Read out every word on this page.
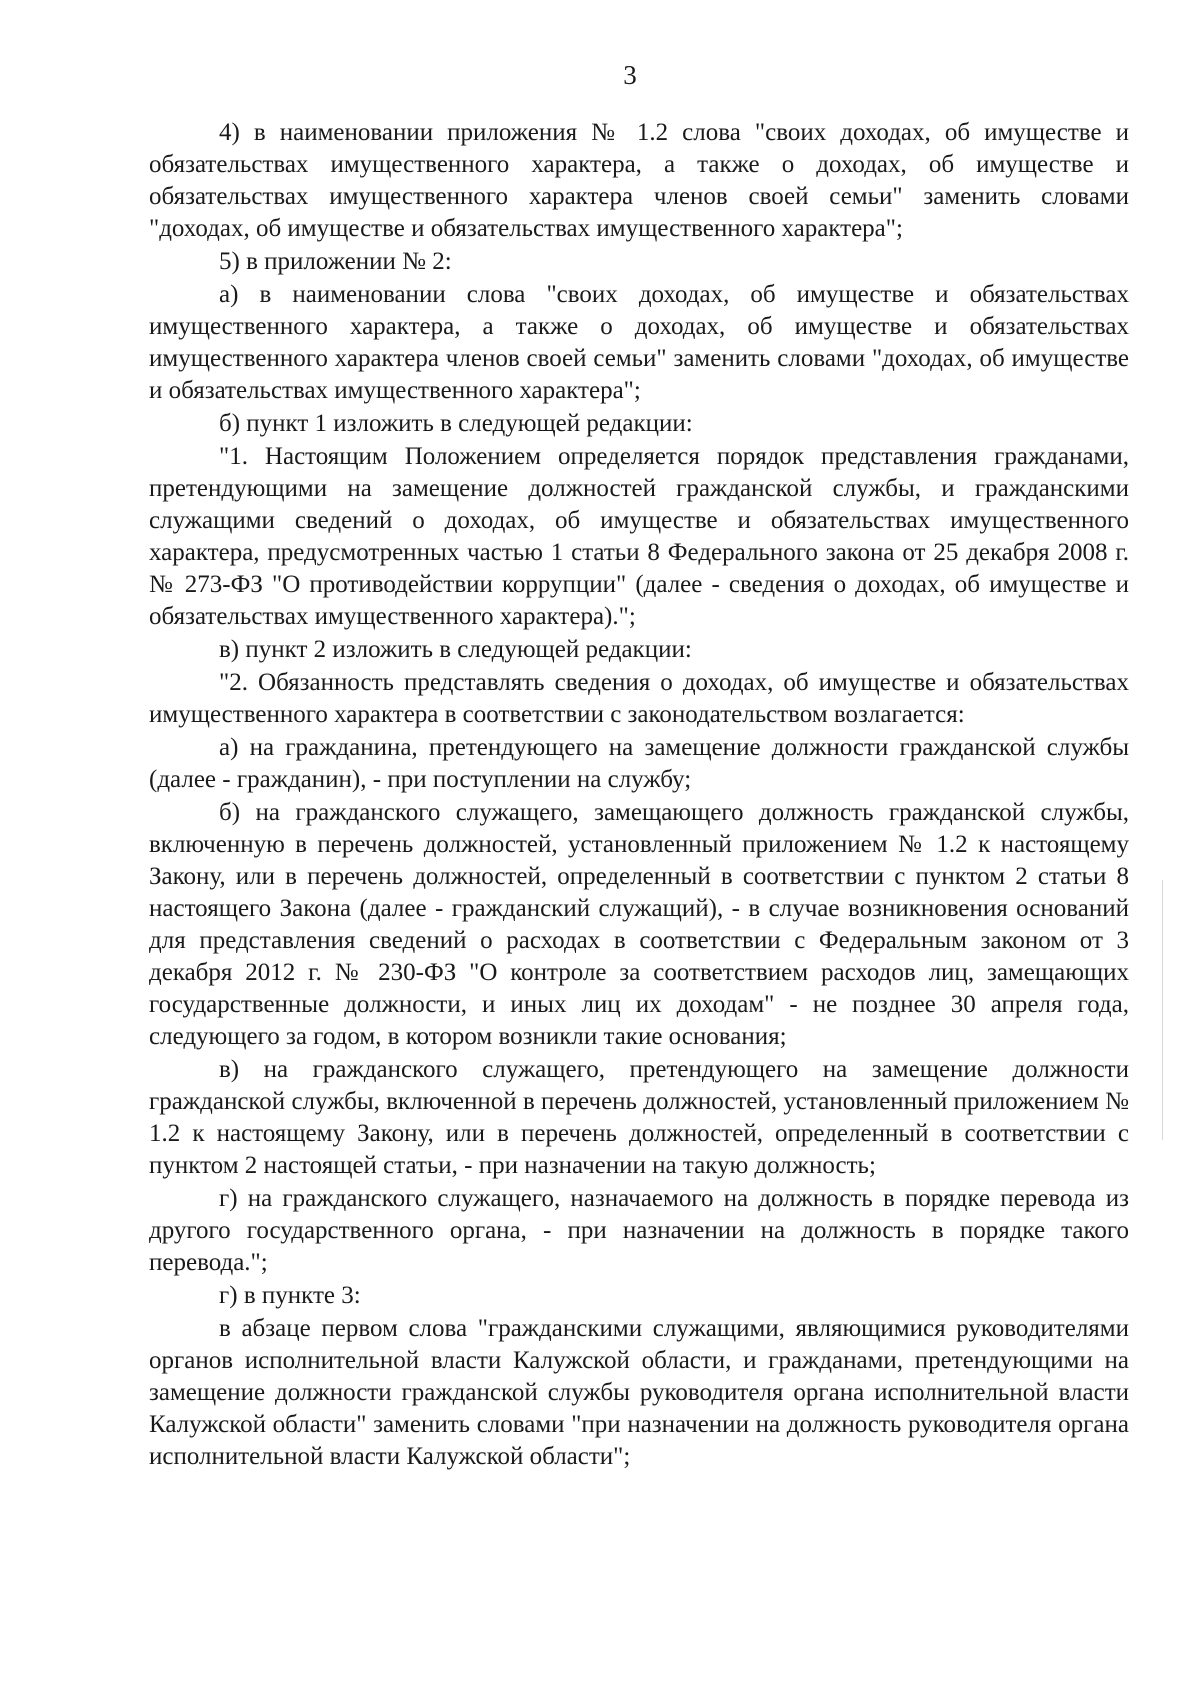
3

4) в наименовании приложения № 1.2 слова "своих доходах, об имуществе и обязательствах имущественного характера, а также о доходах, об имуществе и обязательствах имущественного характера членов своей семьи" заменить словами "доходах, об имуществе и обязательствах имущественного характера";

5) в приложении № 2:

а) в наименовании слова "своих доходах, об имуществе и обязательствах имущественного характера, а также о доходах, об имуществе и обязательствах имущественного характера членов своей семьи" заменить словами "доходах, об имуществе и обязательствах имущественного характера";

б) пункт 1 изложить в следующей редакции:

"1. Настоящим Положением определяется порядок представления гражданами, претендующими на замещение должностей гражданской службы, и гражданскими служащими сведений о доходах, об имуществе и обязательствах имущественного характера, предусмотренных частью 1 статьи 8 Федерального закона от 25 декабря 2008 г. № 273-ФЗ "О противодействии коррупции" (далее - сведения о доходах, об имуществе и обязательствах имущественного характера).";

в) пункт 2 изложить в следующей редакции:

"2. Обязанность представлять сведения о доходах, об имуществе и обязательствах имущественного характера в соответствии с законодательством возлагается:

а) на гражданина, претендующего на замещение должности гражданской службы (далее - гражданин), - при поступлении на службу;

б) на гражданского служащего, замещающего должность гражданской службы, включенную в перечень должностей, установленный приложением № 1.2 к настоящему Закону, или в перечень должностей, определенный в соответствии с пунктом 2 статьи 8 настоящего Закона (далее - гражданский служащий), - в случае возникновения оснований для представления сведений о расходах в соответствии с Федеральным законом от 3 декабря 2012 г. № 230-ФЗ "О контроле за соответствием расходов лиц, замещающих государственные должности, и иных лиц их доходам" - не позднее 30 апреля года, следующего за годом, в котором возникли такие основания;

в) на гражданского служащего, претендующего на замещение должности гражданской службы, включенной в перечень должностей, установленный приложением № 1.2 к настоящему Закону, или в перечень должностей, определенный в соответствии с пунктом 2 настоящей статьи, - при назначении на такую должность;

г) на гражданского служащего, назначаемого на должность в порядке перевода из другого государственного органа, - при назначении на должность в порядке такого перевода.";

г) в пункте 3:

в абзаце первом слова "гражданскими служащими, являющимися руководителями органов исполнительной власти Калужской области, и гражданами, претендующими на замещение должности гражданской службы руководителя органа исполнительной власти Калужской области" заменить словами "при назначении на должность руководителя органа исполнительной власти Калужской области";
